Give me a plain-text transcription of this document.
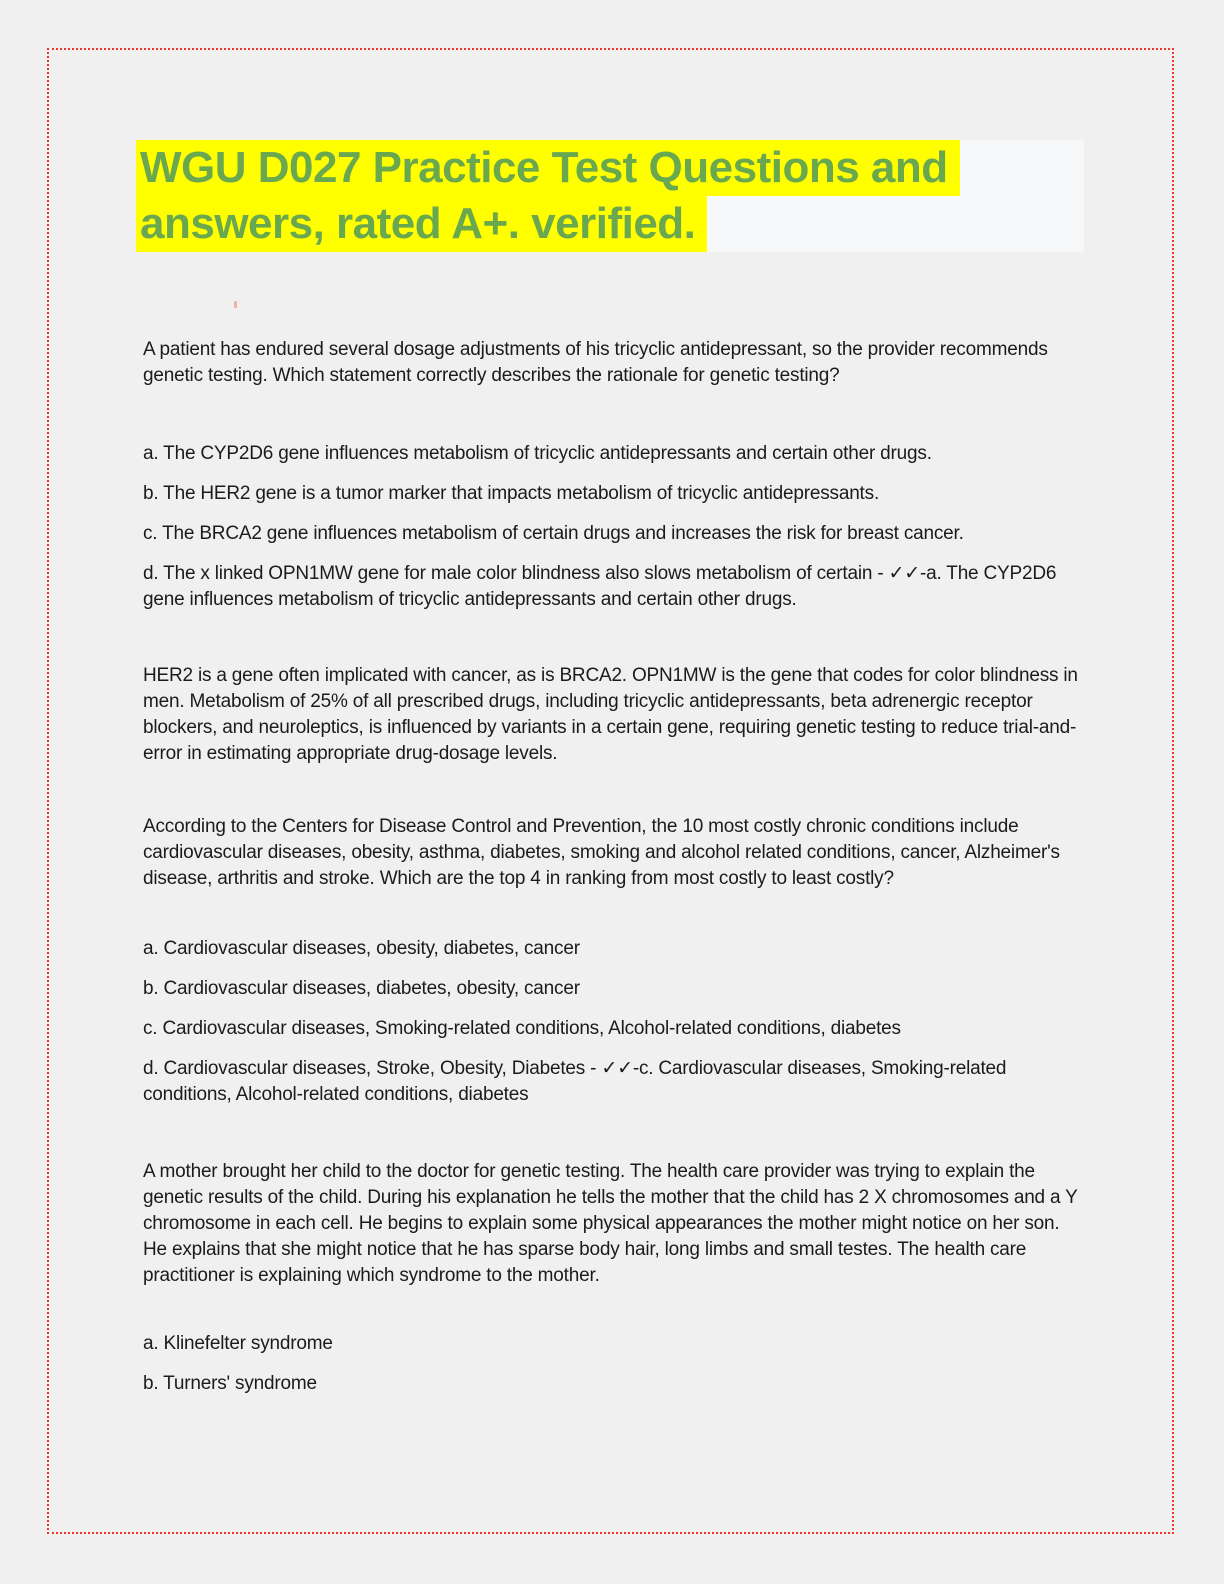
WGU D027 Practice Test Questions and
answers, rated A+. verified.

A patient has endured several dosage adjustments of his tricyclic antidepressant, so the provider recommends genetic testing. Which statement correctly describes the rationale for genetic testing?

a. The CYP2D6 gene influences metabolism of tricyclic antidepressants and certain other drugs.

b. The HER2 gene is a tumor marker that impacts metabolism of tricyclic antidepressants.

c. The BRCA2 gene influences metabolism of certain drugs and increases the risk for breast cancer.

d. The x linked OPN1MW gene for male color blindness also slows metabolism of certain - ✓✓-a. The CYP2D6 gene influences metabolism of tricyclic antidepressants and certain other drugs.

HER2 is a gene often implicated with cancer, as is BRCA2. OPN1MW is the gene that codes for color blindness in men. Metabolism of 25% of all prescribed drugs, including tricyclic antidepressants, beta adrenergic receptor blockers, and neuroleptics, is influenced by variants in a certain gene, requiring genetic testing to reduce trial-and-error in estimating appropriate drug-dosage levels.

According to the Centers for Disease Control and Prevention, the 10 most costly chronic conditions include cardiovascular diseases, obesity, asthma, diabetes, smoking and alcohol related conditions, cancer, Alzheimer's disease, arthritis and stroke. Which are the top 4 in ranking from most costly to least costly?

a. Cardiovascular diseases, obesity, diabetes, cancer

b. Cardiovascular diseases, diabetes, obesity, cancer

c. Cardiovascular diseases, Smoking-related conditions, Alcohol-related conditions, diabetes

d. Cardiovascular diseases, Stroke, Obesity, Diabetes - ✓✓-c. Cardiovascular diseases, Smoking-related conditions, Alcohol-related conditions, diabetes

A mother brought her child to the doctor for genetic testing. The health care provider was trying to explain the genetic results of the child. During his explanation he tells the mother that the child has 2 X chromosomes and a Y chromosome in each cell. He begins to explain some physical appearances the mother might notice on her son. He explains that she might notice that he has sparse body hair, long limbs and small testes. The health care practitioner is explaining which syndrome to the mother.

a. Klinefelter syndrome

b. Turners' syndrome
